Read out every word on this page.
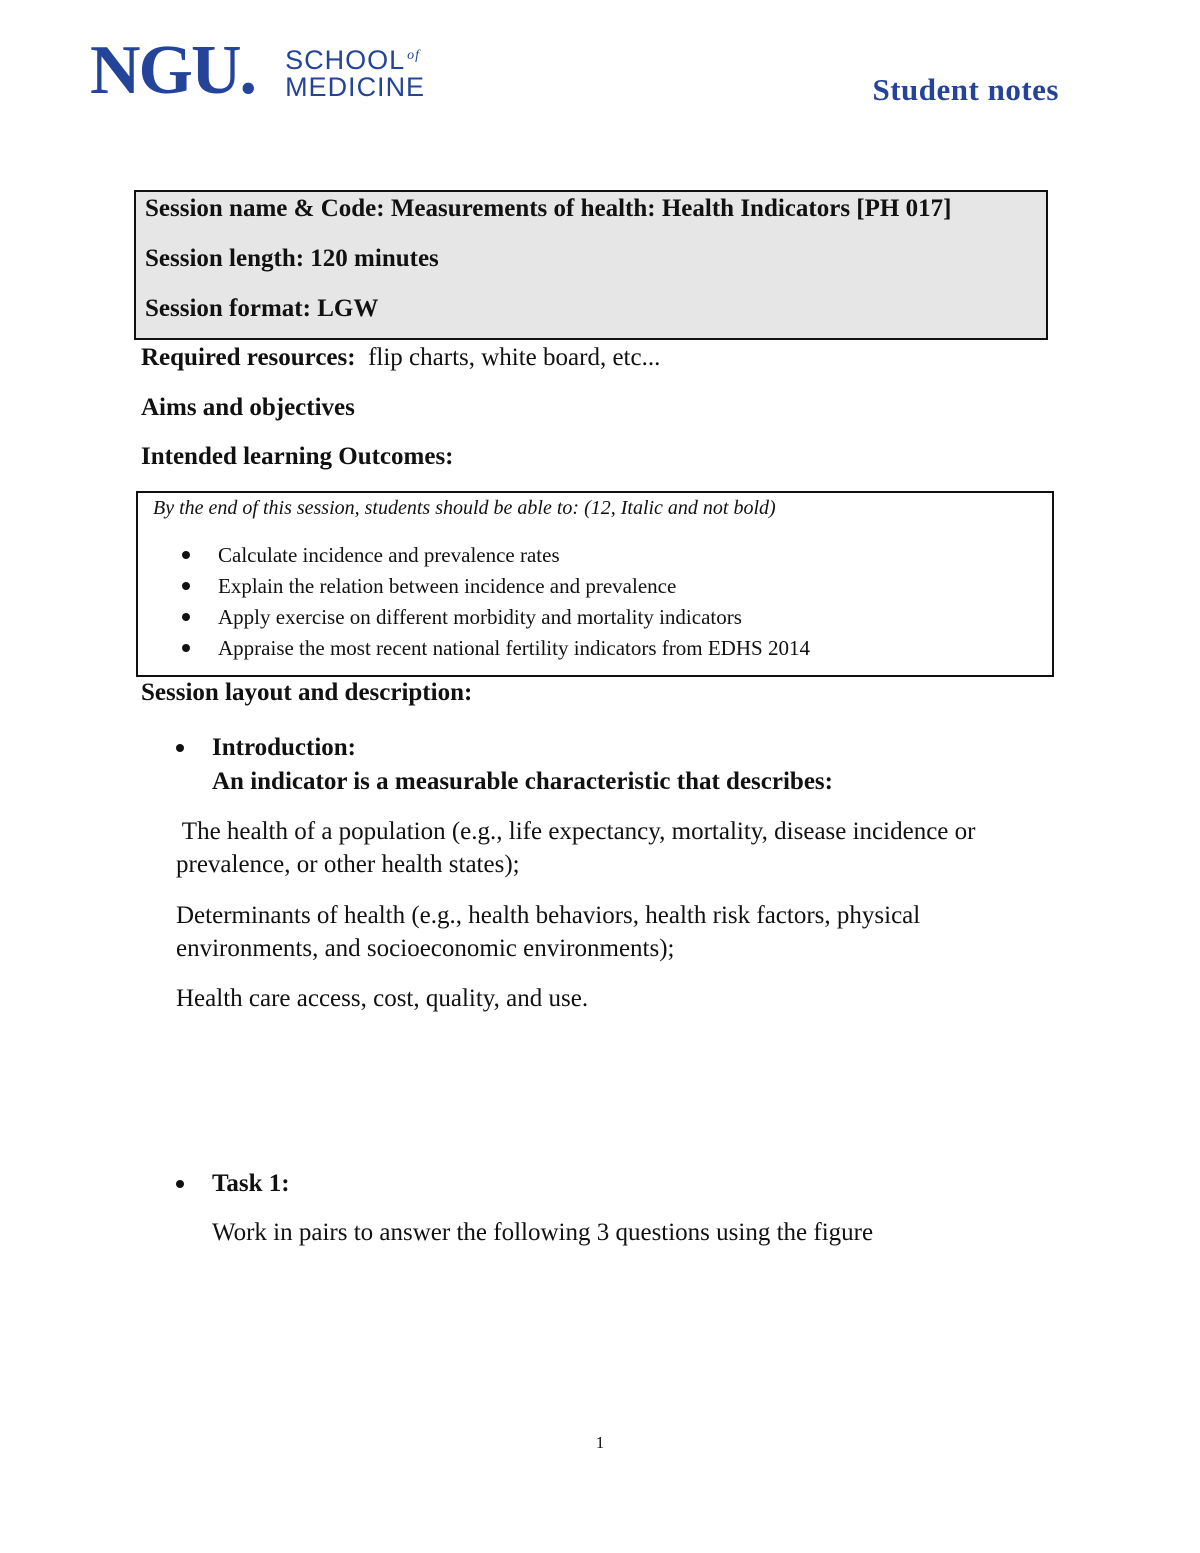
NGU. SCHOOL $^{of}$
MEDICINE	Student notes
Session name & Code: Measurements of health: Health Indicators [PH 017]
Session length: 120 minutes
Session format: LGW
Required resources: flip charts, white board, etc...
Aims and objectives
Intended learning Outcomes:
By the end of this session, students should be able to: (12, Italic and not bold)
Calculate incidence and prevalence rates
Explain the relation between incidence and prevalence
Apply exercise on different morbidity and mortality indicators
Appraise the most recent national fertility indicators from EDHS 2014
Session layout and description:
Introduction:
An indicator is a measurable characteristic that describes:
The health of a population (e.g., life expectancy, mortality, disease incidence or
prevalence, or other health states);
Determinants of health (e.g., health behaviors, health risk factors, physical
environments, and socioeconomic environments);
Health care access, cost, quality, and use.
Task 1:
Work in pairs to answer the following 3 questions using the figure
1
